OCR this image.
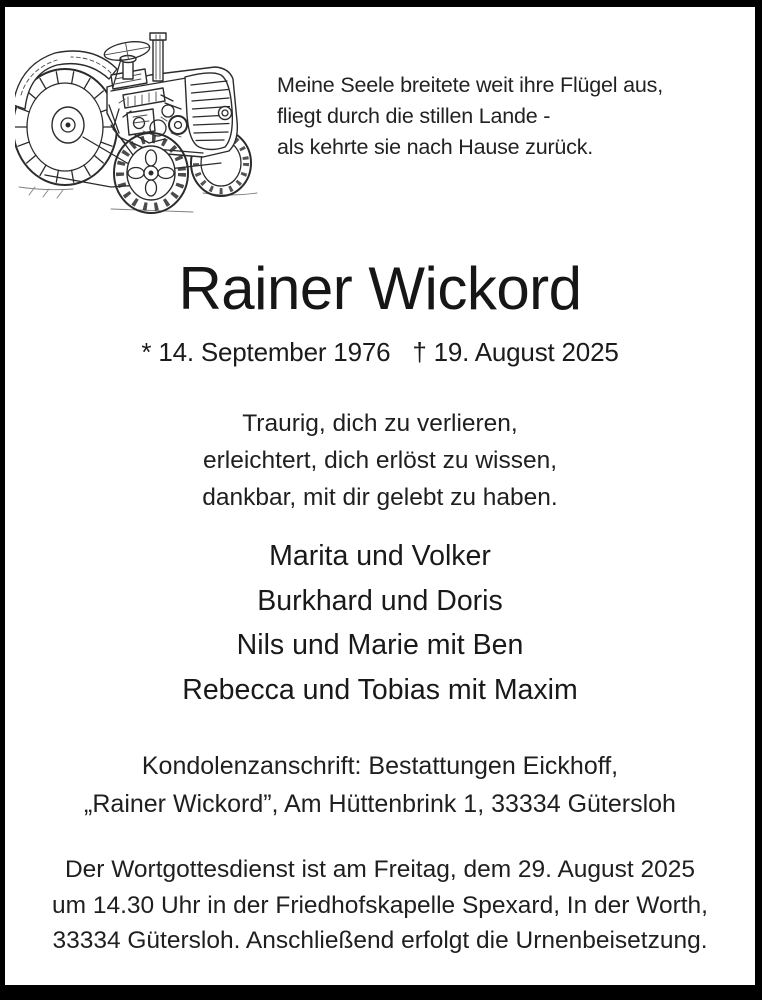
Meine Seele breitete weit ihre Flügel aus,
fliegt durch die stillen Lande -
als kehrte sie nach Hause zurück.
Rainer Wickord
* 14. September 1976 † 19. August 2025
Traurig, dich zu verlieren,
erleichtert, dich erlöst zu wissen,
dankbar, mit dir gelebt zu haben.
Marita und Volker
Burkhard und Doris
Nils und Marie mit Ben
Rebecca und Tobias mit Maxim
Kondolenzanschrift: Bestattungen Eickhoff,
„Rainer Wickord”, Am Hüttenbrink 1, 33334 Gütersloh
Der Wortgottesdienst ist am Freitag, dem 29. August 2025
um 14.30 Uhr in der Friedhofskapelle Spexard, In der Worth,
33334 Gütersloh. Anschließend erfolgt die Urnenbeisetzung.
